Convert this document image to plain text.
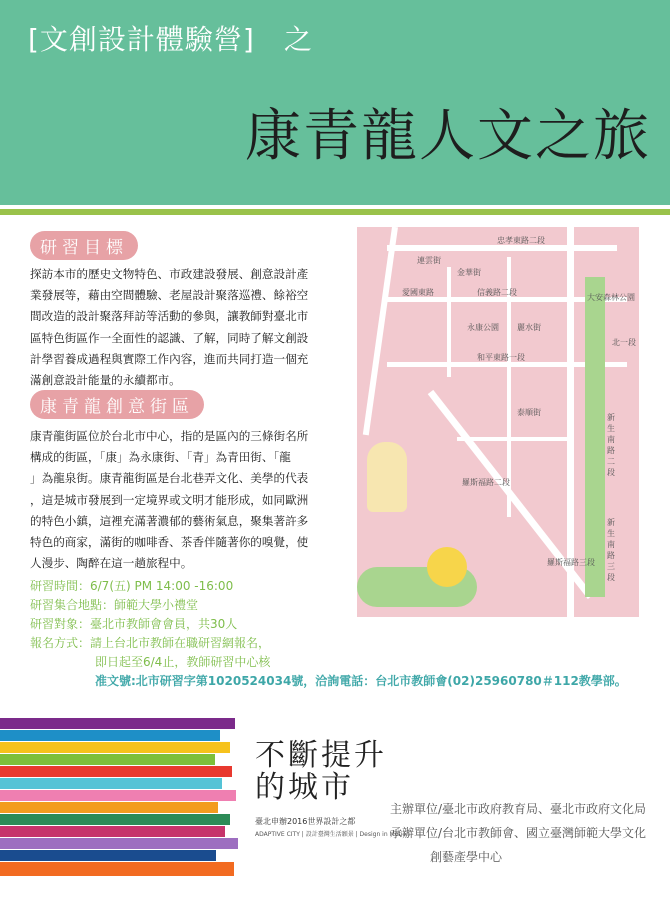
[文創設計體驗營]　之
康青龍人文之旅
研習目標
探訪本市的歷史文物特色、市政建設發展、創意設計產
業發展等，藉由空間體驗、老屋設計聚落巡禮、餘裕空
間改造的設計聚落拜訪等活動的參與，讓教師對臺北市
區特色街區作一全面性的認識、了解，同時了解文創設
計學習養成過程與實際工作內容，進而共同打造一個充
滿創意設計能量的永續都市。
康青龍創意街區
康青龍街區位於台北市中心，指的是區內的三條街名所
構成的街區，「康」為永康街、「青」為青田街、「龍
」為龍泉街。康青龍街區是台北巷弄文化、美學的代表
，這是城市發展到一定境界或文明才能形成，如同歐洲
的特色小鎮，這裡充滿著濃郁的藝術氣息，聚集著許多
特色的商家，滿街的咖啡香、茶香伴隨著你的嗅覺，使
人漫步、陶醉在這一趟旅程中。
忠孝東路二段
信義路二段
愛國東路
和平東路一段
金華街
麗水街
泰順街
新生南路二段
新生南路三段
羅斯福路二段
羅斯福路三段
大安森林公園
永康公園
連雲街
北一段
研習時間：6/7(五) PM 14:00 -16:00
研習集合地點：師範大學小禮堂
研習對象：臺北市教師會會員，共30人
報名方式：請上台北市教師在職研習網報名，
即日起至6/4止，教師研習中心核
准文號:北市研習字第1020524034號，洽詢電話：台北市教師會(02)25960780＃112教學部。
不斷提升
的城市
臺北申辦2016世界設計之都
ADAPTIVE CITY | 設計臺灣生活願景 | Design in Motion
主辦單位/臺北市政府教育局、臺北市政府文化局
承辦單位/台北市教師會、國立臺灣師範大學文化
創藝產學中心
